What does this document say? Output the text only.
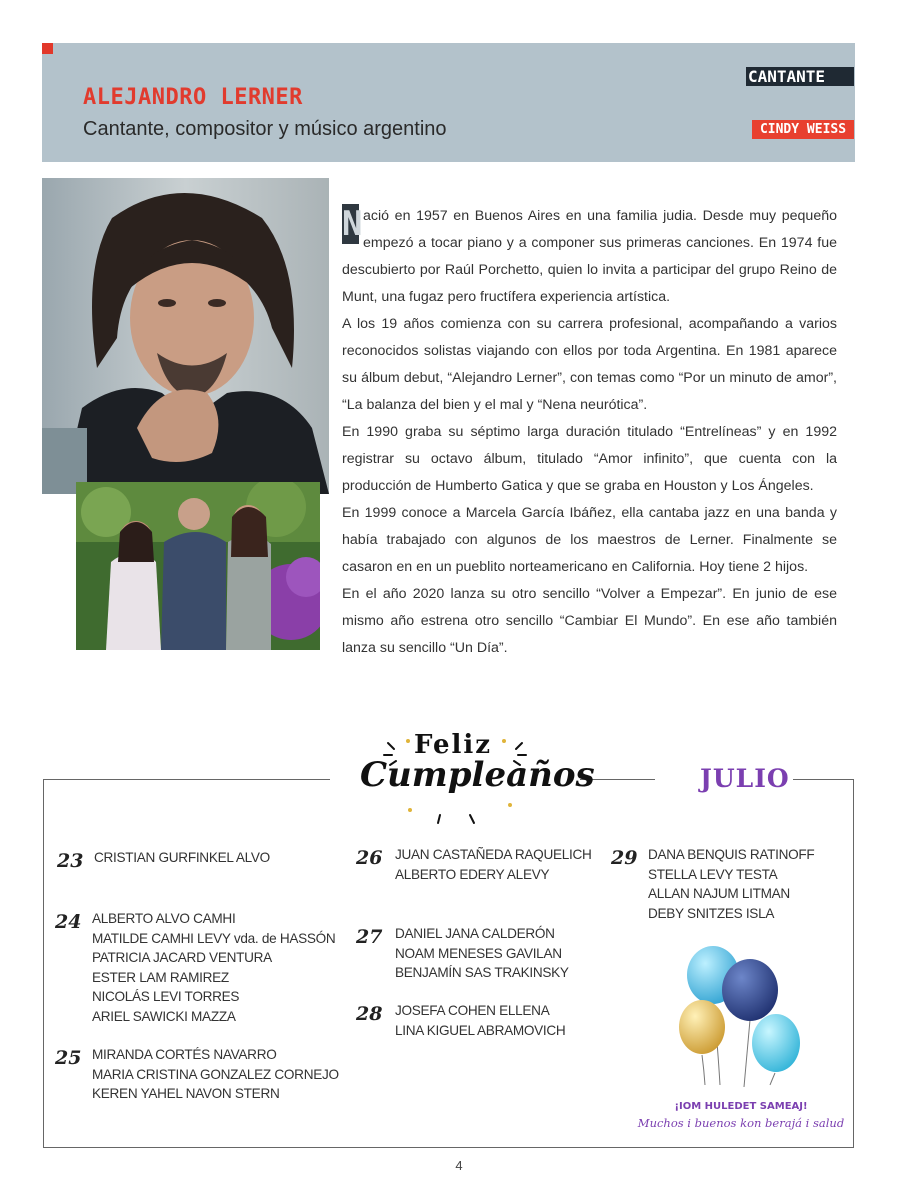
ALEJANDRO LERNER
Cantante, compositor y músico argentino
CANTANTE
CINDY WEISS

N ació en 1957 en Buenos Aires en una familia judia. Desde muy pequeño empezó a tocar piano y a componer sus primeras canciones. En 1974 fue descubierto por Raúl Porchetto, quien lo invita a participar del grupo Reino de Munt, una fugaz pero fructífera experiencia artística.

A los 19 años comienza con su carrera profesional, acompañando a varios reconocidos solistas viajando con ellos por toda Argentina. En 1981 aparece su álbum debut, “Alejandro Lerner”, con temas como “Por un minuto de amor”, “La balanza del bien y el mal y “Nena neurótica”.

En 1990 graba su séptimo larga duración titulado “Entrelíneas” y en 1992 registrar su octavo álbum, titulado “Amor infinito”, que cuenta con la producción de Humberto Gatica y que se graba en Houston y Los Ángeles.

En 1999 conoce a Marcela García Ibáñez, ella cantaba jazz en una banda y había trabajado con algunos de los maestros de Lerner. Finalmente se casaron en en un pueblito norteamericano en California. Hoy tiene 2 hijos.

En el año 2020 lanza su otro sencillo “Volver a Empezar”. En junio de ese mismo año estrena otro sencillo “Cambiar El Mundo”. En ese año también lanza su sencillo “Un Día”.

Feliz
Cumpleaños	JULIO
23 CRISTIAN GURFINKEL ALVO
24 ALBERTO ALVO CAMHI
MATILDE CAMHI LEVY vda. de HASSÓN
PATRICIA JACARD VENTURA
ESTER LAM RAMIREZ
NICOLÁS LEVI TORRES
ARIEL SAWICKI MAZZA
25 MIRANDA CORTÉS NAVARRO
MARIA CRISTINA GONZALEZ CORNEJO
KEREN YAHEL NAVON STERN
26 JUAN CASTAÑEDA RAQUELICH
ALBERTO EDERY ALEVY
27 DANIEL JANA CALDERÓN
NOAM MENESES GAVILAN
BENJAMÍN SAS TRAKINSKY
28 JOSEFA COHEN ELLENA
LINA KIGUEL ABRAMOVICH
29 DANA BENQUIS RATINOFF
STELLA LEVY TESTA
ALLAN NAJUM LITMAN
DEBY SNITZES ISLA
¡IOM HULEDET SAMEAJ!
Muchos i buenos kon berajá i salud
4
